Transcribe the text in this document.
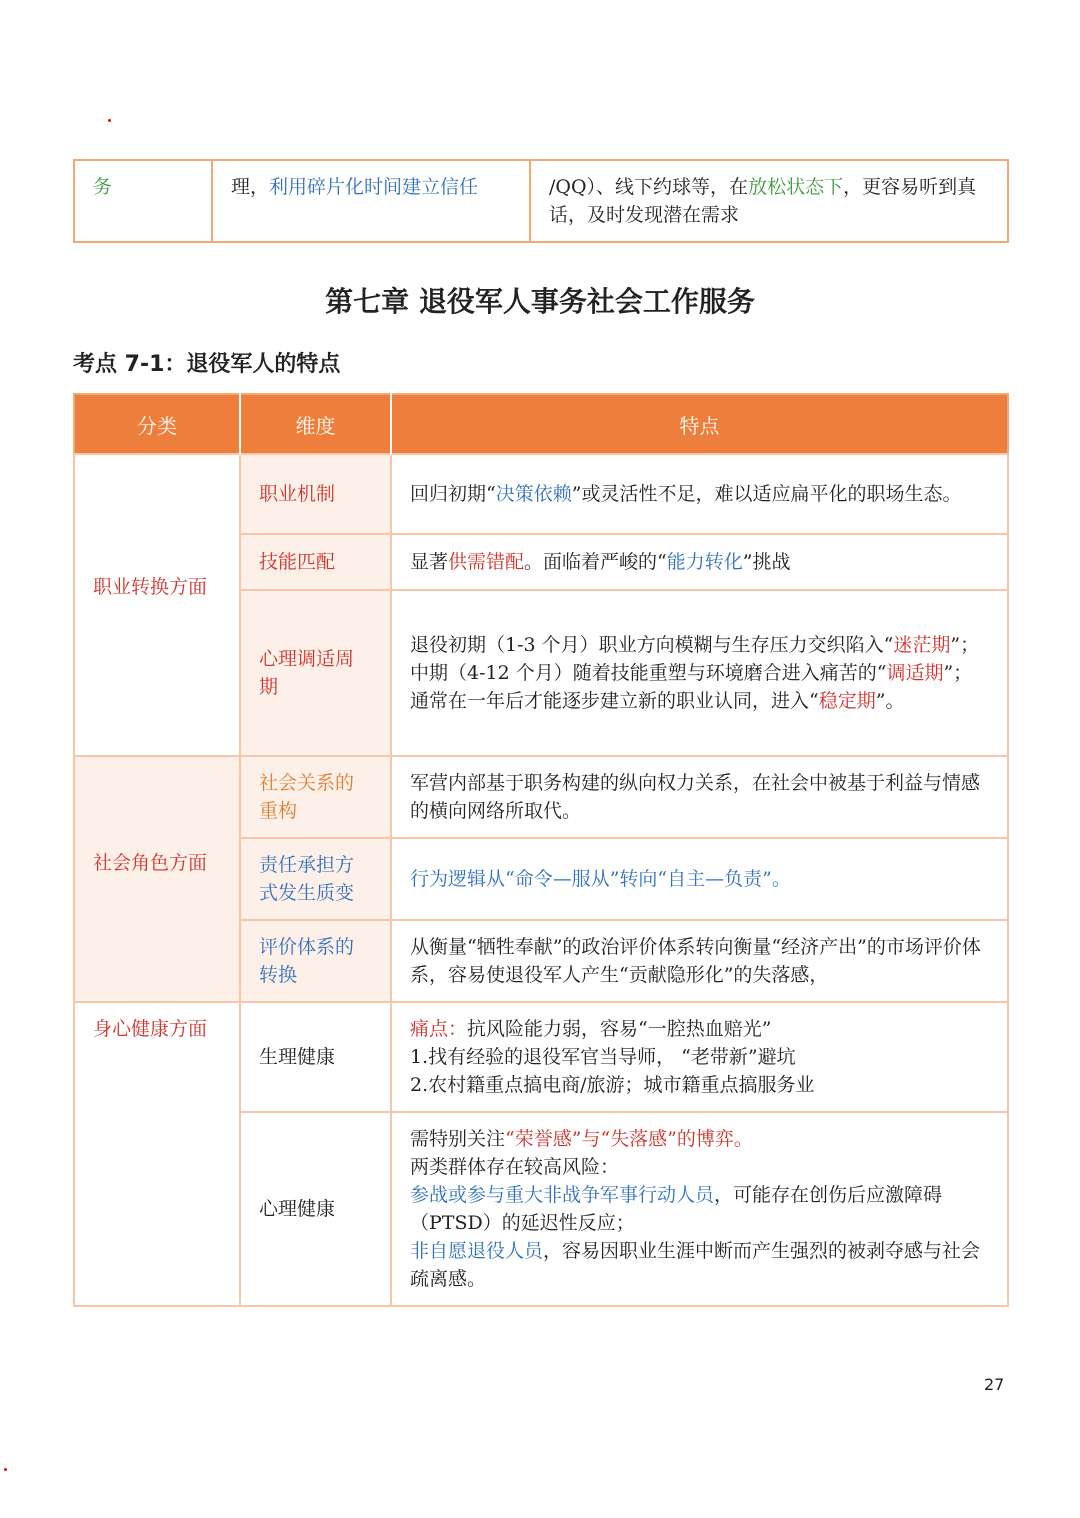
务	理，利用碎片化时间建立信任	/QQ）、线下约球等，在放松状态下，更容易听到真话，及时发现潜在需求
第七章 退役军人事务社会工作服务
考点 7-1：退役军人的特点
分类	维度	特点
职业转换方面	职业机制	回归初期“决策依赖”或灵活性不足，难以适应扁平化的职场生态。
	技能匹配	显著供需错配。面临着严峻的“能力转化”挑战
	心理调适周期	退役初期（1-3 个月）职业方向模糊与生存压力交织陷入“迷茫期”；
中期（4-12 个月）随着技能重塑与环境磨合进入痛苦的“调适期”；
通常在一年后才能逐步建立新的职业认同，进入“稳定期”。

社会角色方面	社会关系的重构	军营内部基于职务构建的纵向权力关系，在社会中被基于利益与情感的横向网络所取代。
	责任承担方式发生质变	行为逻辑从“命令—服从”转向“自主—负责”。
	评价体系的转换	从衡量“牺牲奉献”的政治评价体系转向衡量“经济产出”的市场评价体系，容易使退役军人产生“贡献隐形化”的失落感，
身心健康方面	生理健康	痛点：抗风险能力弱，容易“一腔热血赔光”
1.找有经验的退役军官当导师， “老带新”避坑
2.农村籍重点搞电商/旅游；城市籍重点搞服务业

	心理健康	需特别关注“荣誉感”与“失落感”的博弈。
两类群体存在较高风险：
参战或参与重大非战争军事行动人员，可能存在创伤后应激障碍（PTSD）的延迟性反应；
非自愿退役人员，容易因职业生涯中断而产生强烈的被剥夺感与社会疏离感。
27
